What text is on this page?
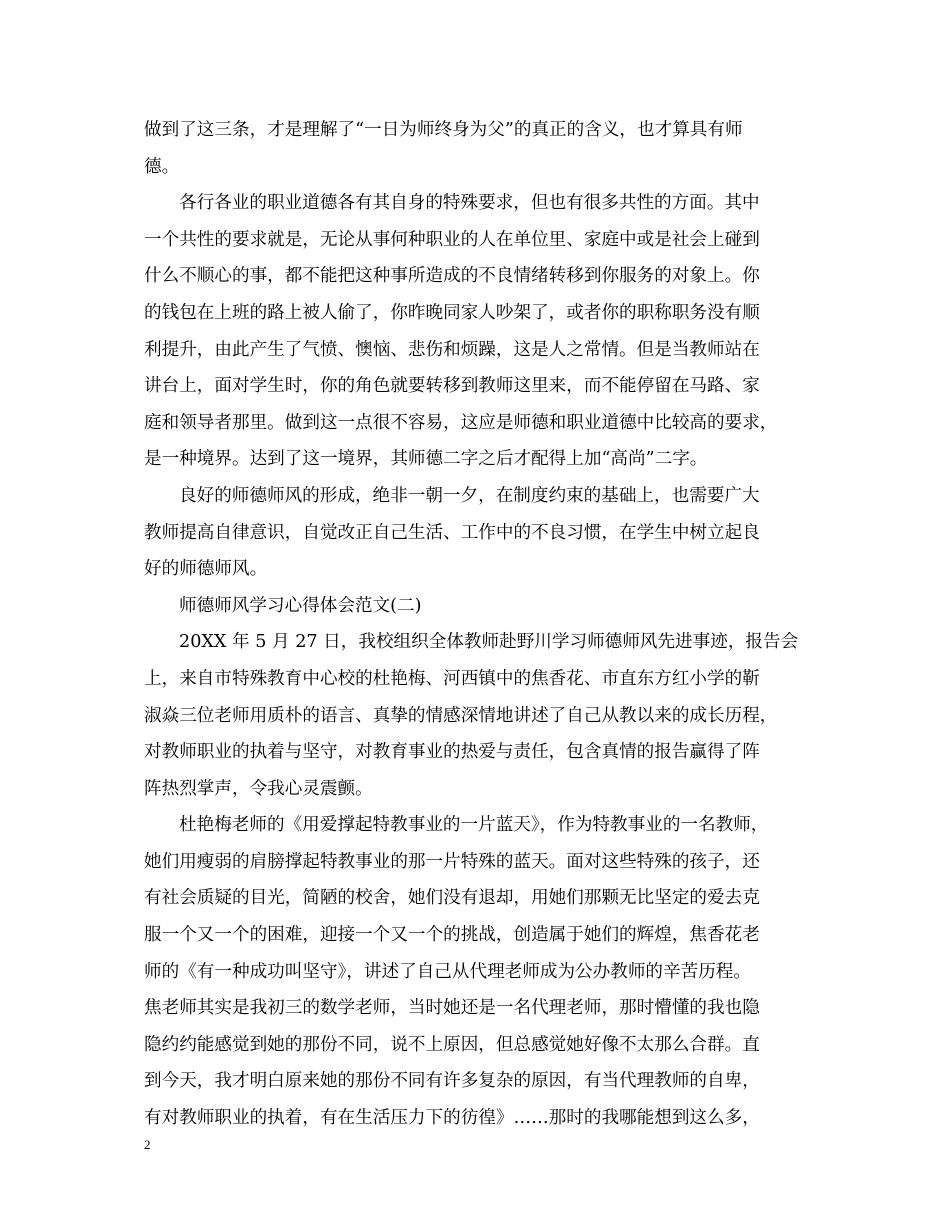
做到了这三条，才是理解了“一日为师终身为父”的真正的含义，也才算具有师
德。
各行各业的职业道德各有其自身的特殊要求，但也有很多共性的方面。其中
一个共性的要求就是，无论从事何种职业的人在单位里、家庭中或是社会上碰到
什么不顺心的事，都不能把这种事所造成的不良情绪转移到你服务的对象上。你
的钱包在上班的路上被人偷了，你昨晚同家人吵架了，或者你的职称职务没有顺
利提升，由此产生了气愤、懊恼、悲伤和烦躁，这是人之常情。但是当教师站在
讲台上，面对学生时，你的角色就要转移到教师这里来，而不能停留在马路、家
庭和领导者那里。做到这一点很不容易，这应是师德和职业道德中比较高的要求，
是一种境界。达到了这一境界，其师德二字之后才配得上加“高尚”二字。
良好的师德师风的形成，绝非一朝一夕，在制度约束的基础上，也需要广大
教师提高自律意识，自觉改正自己生活、工作中的不良习惯，在学生中树立起良
好的师德师风。
师德师风学习心得体会范文(二)
20XX 年 5 月 27 日，我校组织全体教师赴野川学习师德师风先进事迹，报告会
上，来自市特殊教育中心校的杜艳梅、河西镇中的焦香花、市直东方红小学的靳
淑焱三位老师用质朴的语言、真挚的情感深情地讲述了自己从教以来的成长历程，
对教师职业的执着与坚守，对教育事业的热爱与责任，包含真情的报告赢得了阵
阵热烈掌声，令我心灵震颤。
杜艳梅老师的《用爱撑起特教事业的一片蓝天》，作为特教事业的一名教师，
她们用瘦弱的肩膀撑起特教事业的那一片特殊的蓝天。面对这些特殊的孩子，还
有社会质疑的目光，简陋的校舍，她们没有退却，用她们那颗无比坚定的爱去克
服一个又一个的困难，迎接一个又一个的挑战，创造属于她们的辉煌，焦香花老
师的《有一种成功叫坚守》，讲述了自己从代理老师成为公办教师的辛苦历程。
焦老师其实是我初三的数学老师，当时她还是一名代理老师，那时懵懂的我也隐
隐约约能感觉到她的那份不同，说不上原因，但总感觉她好像不太那么合群。直
到今天，我才明白原来她的那份不同有许多复杂的原因，有当代理教师的自卑，
有对教师职业的执着，有在生活压力下的彷徨》……那时的我哪能想到这么多，
2
